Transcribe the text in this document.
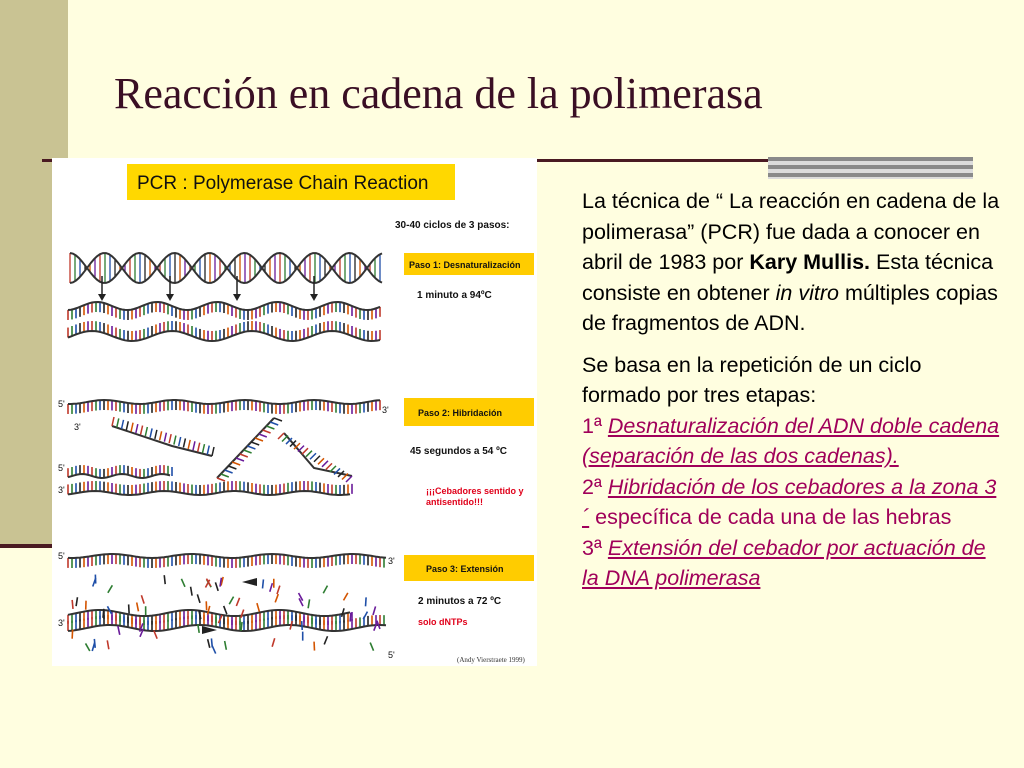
Reacción en cadena de la polimerasa
PCR : Polymerase Chain Reaction
30-40 ciclos de 3 pasos:
Paso 1: Desnaturalización
1 minuto a 94ºC
Paso 2: Hibridación
45 segundos a 54 ºC
¡¡¡Cebadores sentido y
antisentido!!!
Paso 3: Extensión
2 minutos a 72 ºC
solo dNTPs
(Andy Vierstraete 1999)
5'
3'
3'
5'
3'
5'	3'
3'
5'

La técnica de “ La reacción en cadena de la polimerasa” (PCR) fue dada a conocer en abril de 1983 por Kary Mullis. Esta técnica consiste en obtener in vitro múltiples copias de fragmentos de ADN.

Se basa en la repetición de un ciclo formado por tres etapas:
1ª Desnaturalización del ADN doble cadena (separación de las dos cadenas).
2ª Hibridación de los cebadores a la zona 3´ específica de cada una de las hebras
3ª Extensión del cebador por actuación de la DNA polimerasa
